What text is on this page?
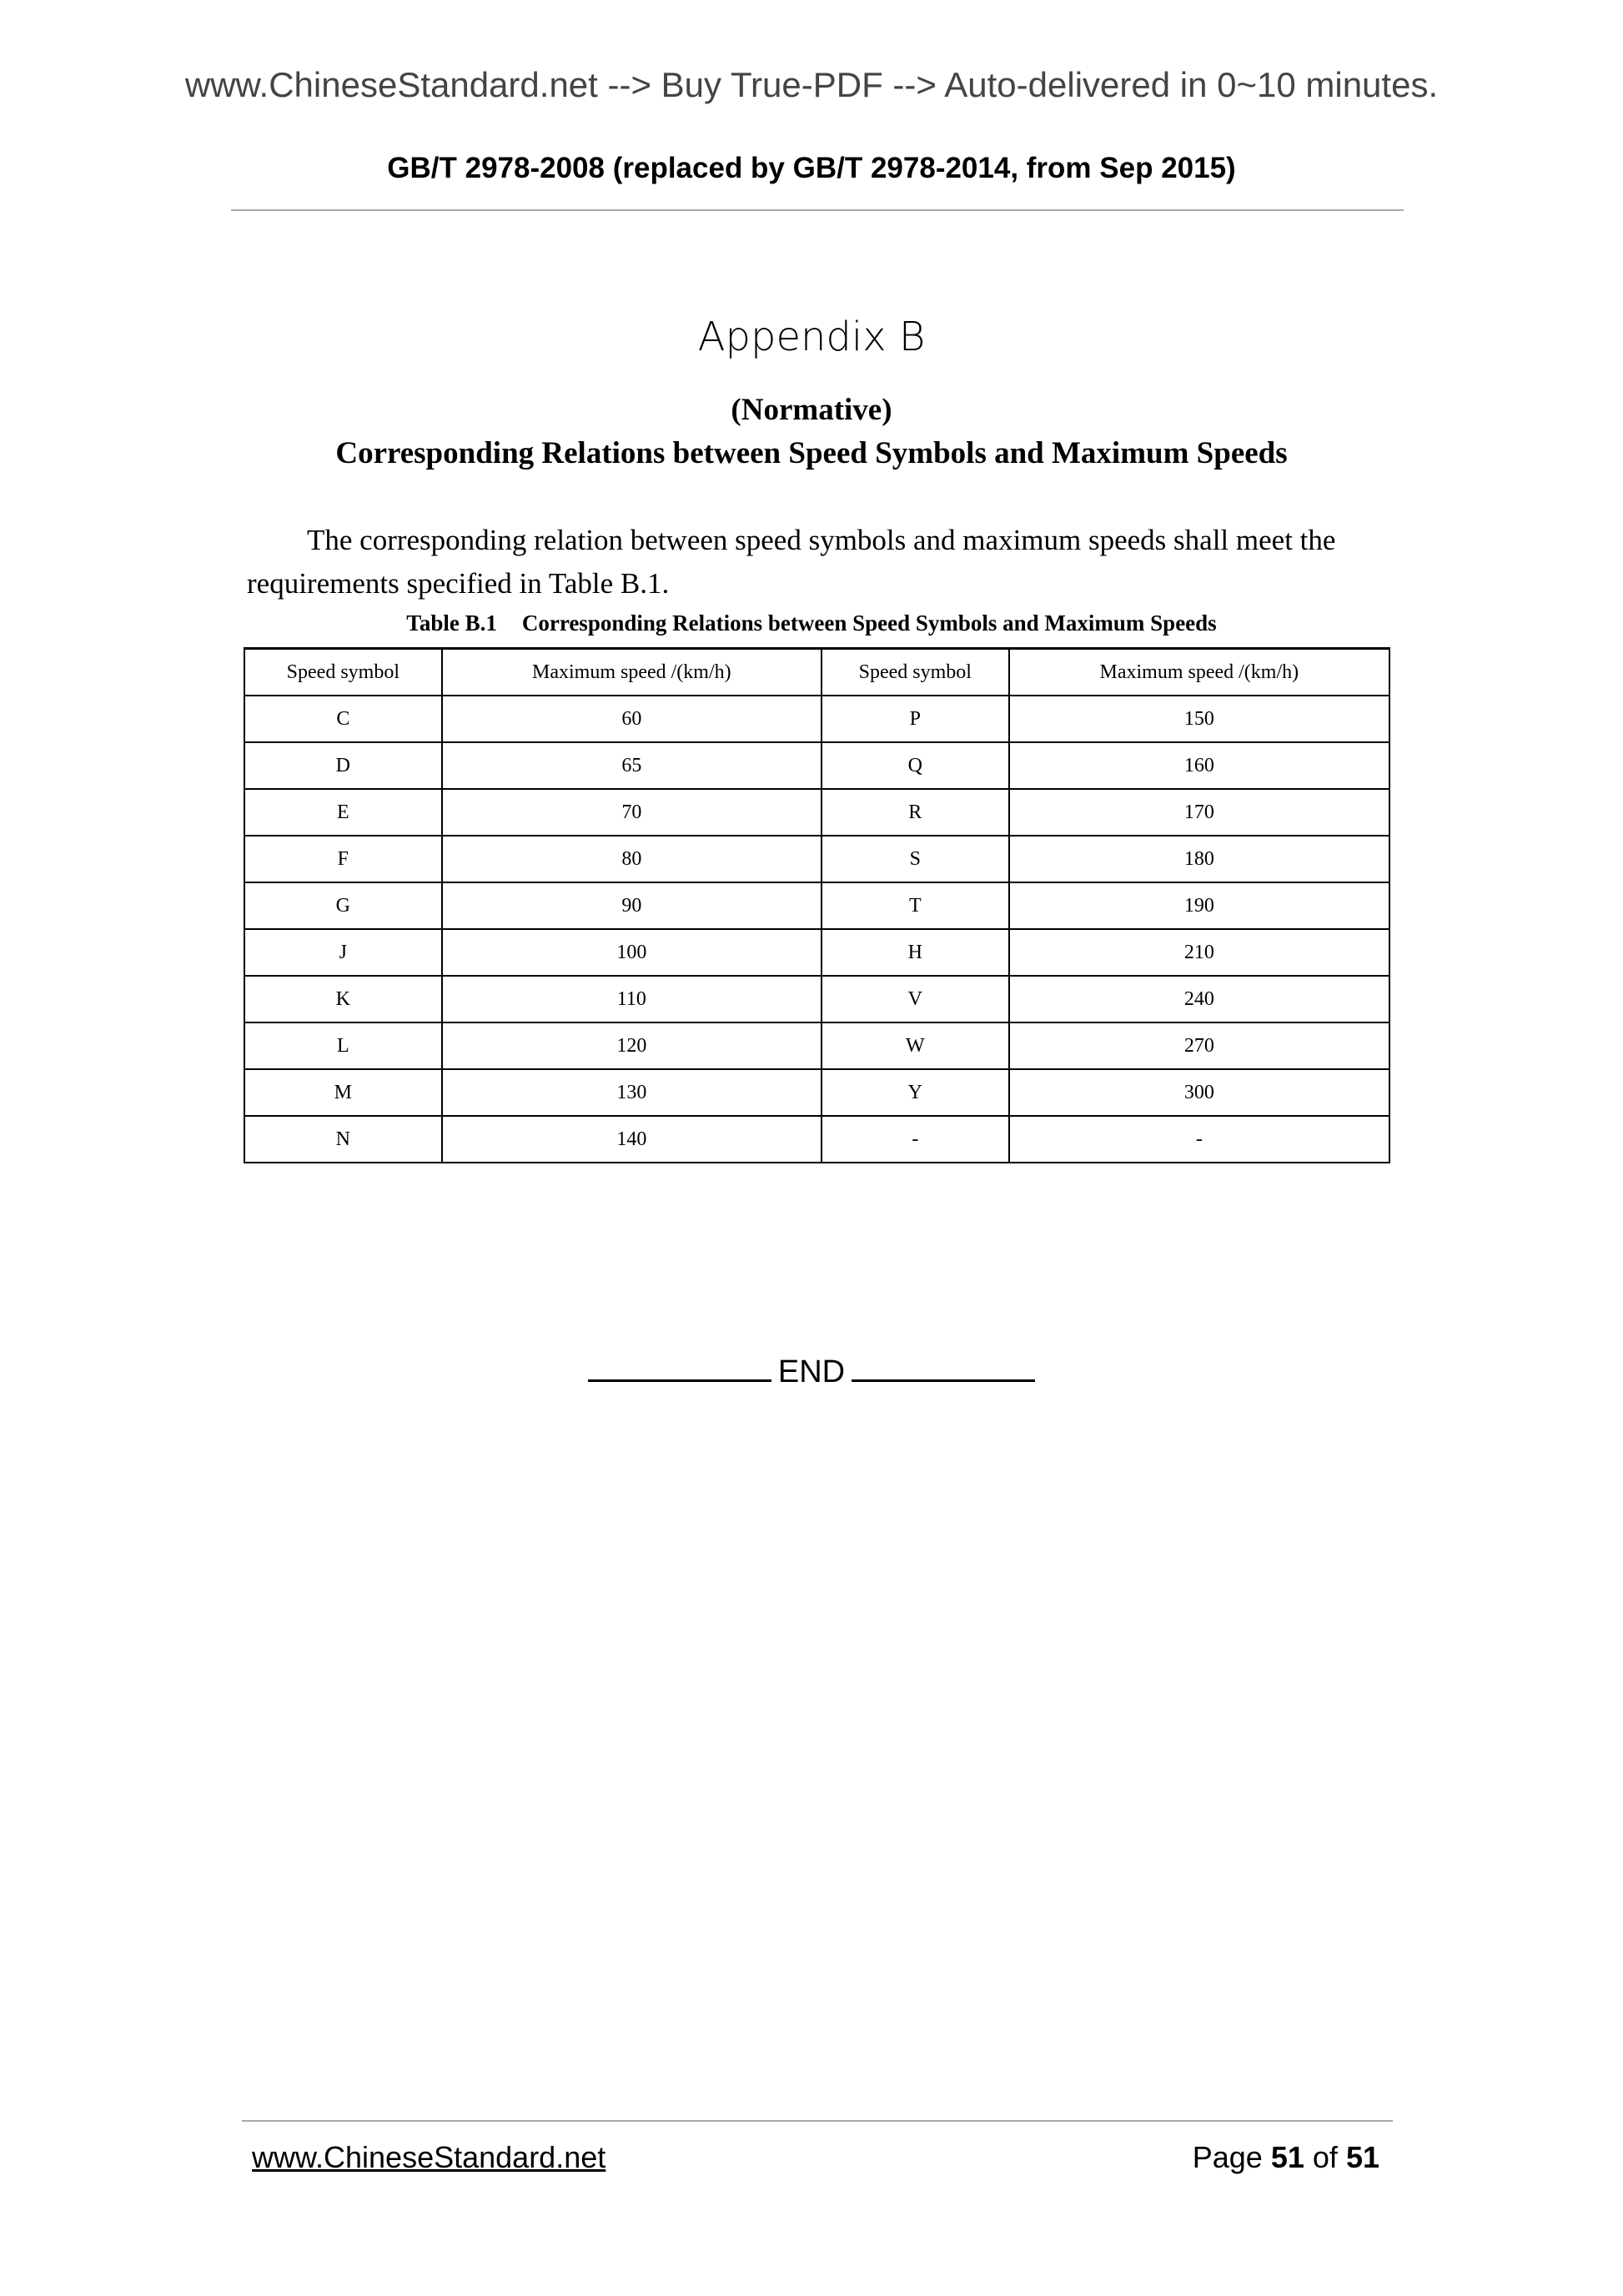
www.ChineseStandard.net --> Buy True-PDF --> Auto-delivered in 0~10 minutes.
GB/T 2978-2008 (replaced by GB/T 2978-2014, from Sep 2015)
Appendix B
(Normative)
Corresponding Relations between Speed Symbols and Maximum Speeds
The corresponding relation between speed symbols and maximum speeds shall meet the requirements specified in Table B.1.
Table B.1 Corresponding Relations between Speed Symbols and Maximum Speeds
Speed symbol	Maximum speed /(km/h)	Speed symbol	Maximum speed /(km/h)
C	60	P	150
D	65	Q	160
E	70	R	170
F	80	S	180
G	90	T	190
J	100	H	210
K	110	V	240
L	120	W	270
M	130	Y	300
N	140	-	-
END
www.ChineseStandard.net	Page 51 of 51
